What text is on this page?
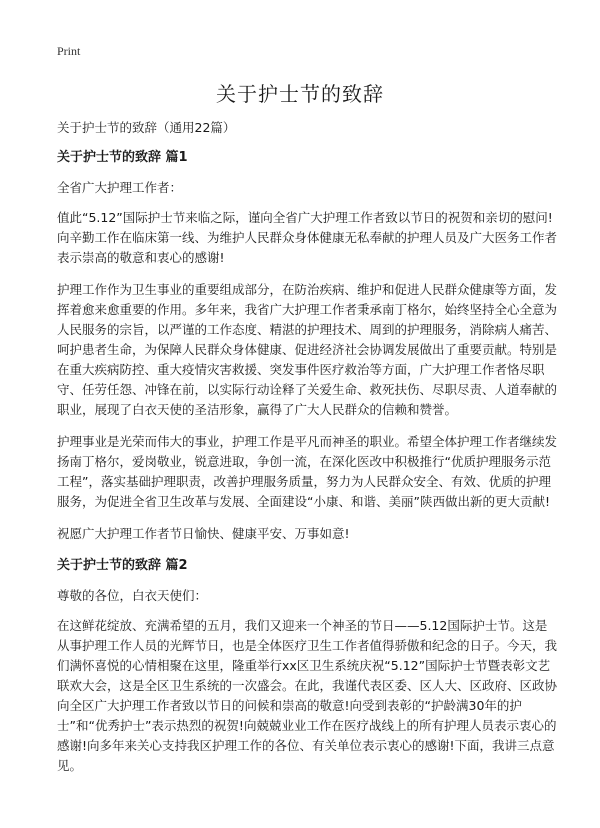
Print
关于护士节的致辞

关于护士节的致辞（通用22篇）

关于护士节的致辞 篇1

全省广大护理工作者：

值此“5.12”国际护士节来临之际，谨向全省广大护理工作者致以节日的祝贺和亲切的慰问!向辛勤工作在临床第一线、为维护人民群众身体健康无私奉献的护理人员及广大医务工作者表示崇高的敬意和衷心的感谢!

护理工作作为卫生事业的重要组成部分，在防治疾病、维护和促进人民群众健康等方面，发挥着愈来愈重要的作用。多年来，我省广大护理工作者秉承南丁格尔，始终坚持全心全意为人民服务的宗旨，以严谨的工作态度、精湛的护理技术、周到的护理服务，消除病人痛苦、呵护患者生命，为保障人民群众身体健康、促进经济社会协调发展做出了重要贡献。特别是在重大疾病防控、重大疫情灾害救援、突发事件医疗救治等方面，广大护理工作者恪尽职守、任劳任怨、冲锋在前，以实际行动诠释了关爱生命、救死扶伤、尽职尽责、人道奉献的职业，展现了白衣天使的圣洁形象，赢得了广大人民群众的信赖和赞誉。

护理事业是光荣而伟大的事业，护理工作是平凡而神圣的职业。希望全体护理工作者继续发扬南丁格尔，爱岗敬业，锐意进取，争创一流，在深化医改中积极推行“优质护理服务示范工程”，落实基础护理职责，改善护理服务质量，努力为人民群众安全、有效、优质的护理服务，为促进全省卫生改革与发展、全面建设“小康、和谐、美丽”陕西做出新的更大贡献!

祝愿广大护理工作者节日愉快、健康平安、万事如意!

关于护士节的致辞 篇2

尊敬的各位，白衣天使们：

在这鲜花绽放、充满希望的五月，我们又迎来一个神圣的节日——5.12国际护士节。这是从事护理工作人员的光辉节日，也是全体医疗卫生工作者值得骄傲和纪念的日子。今天，我们满怀喜悦的心情相聚在这里，隆重举行xx区卫生系统庆祝“5.12”国际护士节暨表彰文艺联欢大会，这是全区卫生系统的一次盛会。在此，我谨代表区委、区人大、区政府、区政协向全区广大护理工作者致以节日的问候和崇高的敬意!向受到表彰的“护龄满30年的护士”和“优秀护士”表示热烈的祝贺!向兢兢业业工作在医疗战线上的所有护理人员表示衷心的感谢!向多年来关心支持我区护理工作的各位、有关单位表示衷心的感谢!下面，我讲三点意见。
